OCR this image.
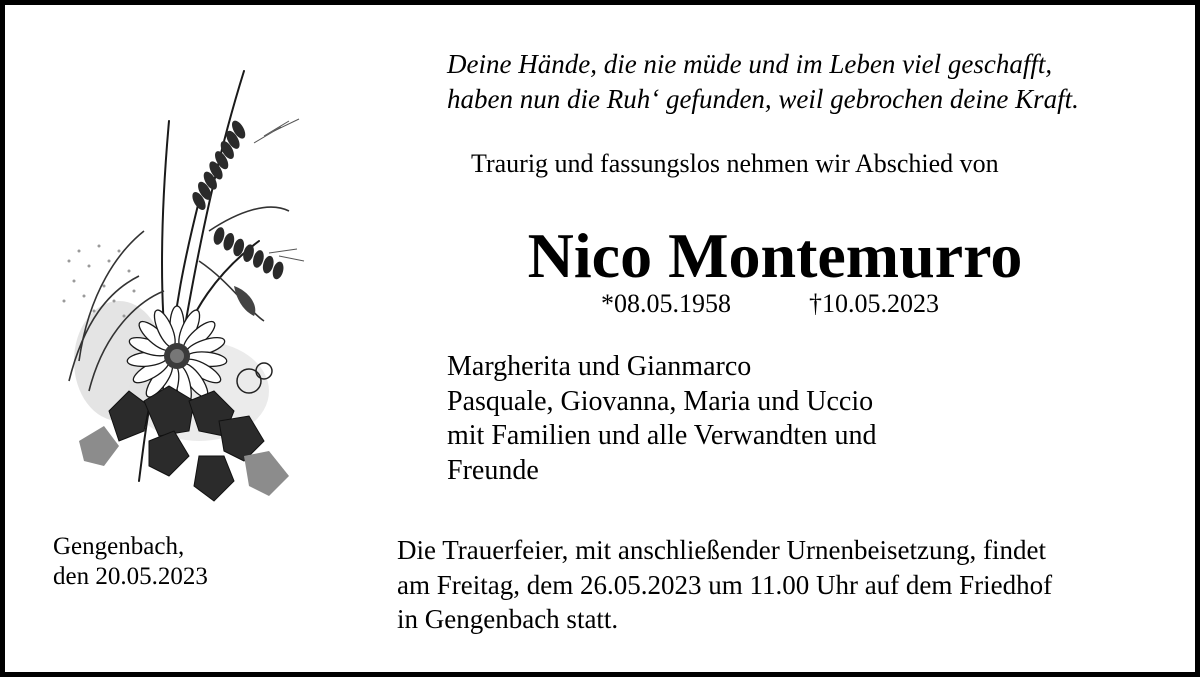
Deine Hände, die nie müde und im Leben viel geschafft,
haben nun die Ruh‘ gefunden, weil gebrochen deine Kraft.
Traurig und fassungslos nehmen wir Abschied von
Nico Montemurro
*08.05.1958	†10.05.2023
Margherita und Gianmarco
Pasquale, Giovanna, Maria und Uccio
mit Familien und alle Verwandten und
Freunde
Gengenbach,
den 20.05.2023
Die Trauerfeier, mit anschließender Urnenbeisetzung, findet
am Freitag, dem 26.05.2023 um 11.00 Uhr auf dem Friedhof
in Gengenbach statt.
